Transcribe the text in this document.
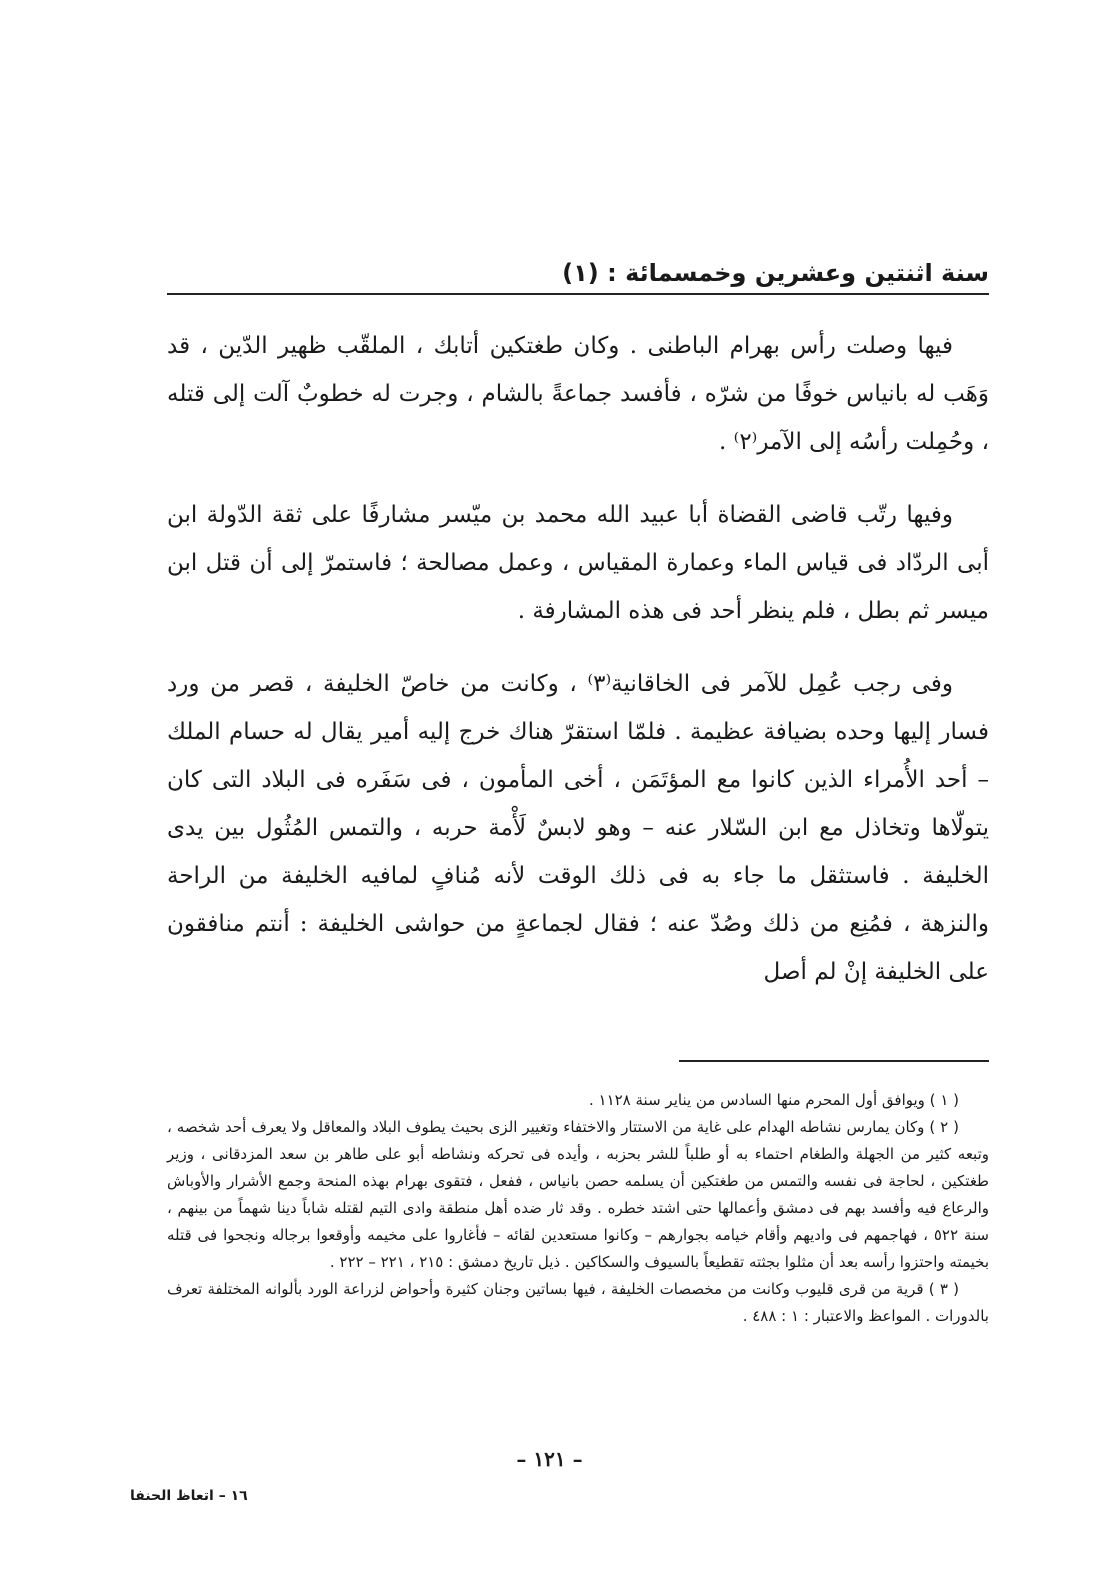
سنة اثنتين وعشرين وخمسمائة : (١)

فيها وصلت رأس بهرام الباطنى . وكان طغتكين أتابك ، الملقّب ظهير الدّين ، قد وَهَب له بانياس خوفًا من شرّه ، فأفسد جماعةً بالشام ، وجرت له خطوبٌ آلت إلى قتله ، وحُمِلت رأسُه إلى الآمر⁽٢⁾ .

وفيها رتّب قاضى القضاة أبا عبيد الله محمد بن ميّسر مشارفًا على ثقة الدّولة ابن أبى الردّاد فى قياس الماء وعمارة المقياس ، وعمل مصالحة ؛ فاستمرّ إلى أن قتل ابن ميسر ثم بطل ، فلم ينظر أحد فى هذه المشارفة .

وفى رجب عُمِل للآمر فى الخاقانية⁽٣⁾ ، وكانت من خاصّ الخليفة ، قصر من ورد فسار إليها وحده بضيافة عظيمة . فلمّا استقرّ هناك خرج إليه أمير يقال له حسام الملك – أحد الأُمراء الذين كانوا مع المؤتَمَن ، أخى المأمون ، فى سَفَره فى البلاد التى كان يتولّاها وتخاذل مع ابن السّلار عنه – وهو لابسٌ لَأْمة حربه ، والتمس المُثُول بين يدى الخليفة . فاستثقل ما جاء به فى ذلك الوقت لأنه مُنافٍ لمافيه الخليفة من الراحة والنزهة ، فمُنِع من ذلك وصُدّ عنه ؛ فقال لجماعةٍ من حواشى الخليفة : أنتم منافقون على الخليفة إنْ لم أصل

( ١ ) ويوافق أول المحرم منها السادس من يناير سنة ١١٢٨ .

( ٢ ) وكان يمارس نشاطه الهدام على غاية من الاستتار والاختفاء وتغيير الزى بحيث يطوف البلاد والمعاقل ولا يعرف أحد شخصه ، وتبعه كثير من الجهلة والطغام احتماء به أو طلباً للشر بحزبه ، وأيده فى تحركه ونشاطه أبو على طاهر بن سعد المزدقانى ، وزير طغتكين ، لحاجة فى نفسه والتمس من طغتكين أن يسلمه حصن بانياس ، ففعل ، فتقوى بهرام بهذه المنحة وجمع الأشرار والأوباش والرعاع فيه وأفسد بهم فى دمشق وأعمالها حتى اشتد خطره . وقد ثار ضده أهل منطقة وادى التيم لقتله شاباً دينا شهماً من بينهم ، سنة ٥٢٢ ، فهاجمهم فى واديهم وأقام خيامه بجوارهم – وكانوا مستعدين لقائه – فأغاروا على مخيمه وأوقعوا برجاله ونجحوا فى قتله بخيمته واحتزوا رأسه بعد أن مثلوا بجثته تقطيعاً بالسيوف والسكاكين . ذيل تاريخ دمشق : ٢١٥ ، ٢٢١ – ٢٢٢ .

( ٣ ) قرية من قرى قليوب وكانت من مخصصات الخليفة ، فيها بساتين وجنان كثيرة وأحواض لزراعة الورد بألوانه المختلفة تعرف بالدورات . المواعظ والاعتبار : ١ : ٤٨٨ .

– ١٢١ –
١٦ – اتعاظ الحنفا
